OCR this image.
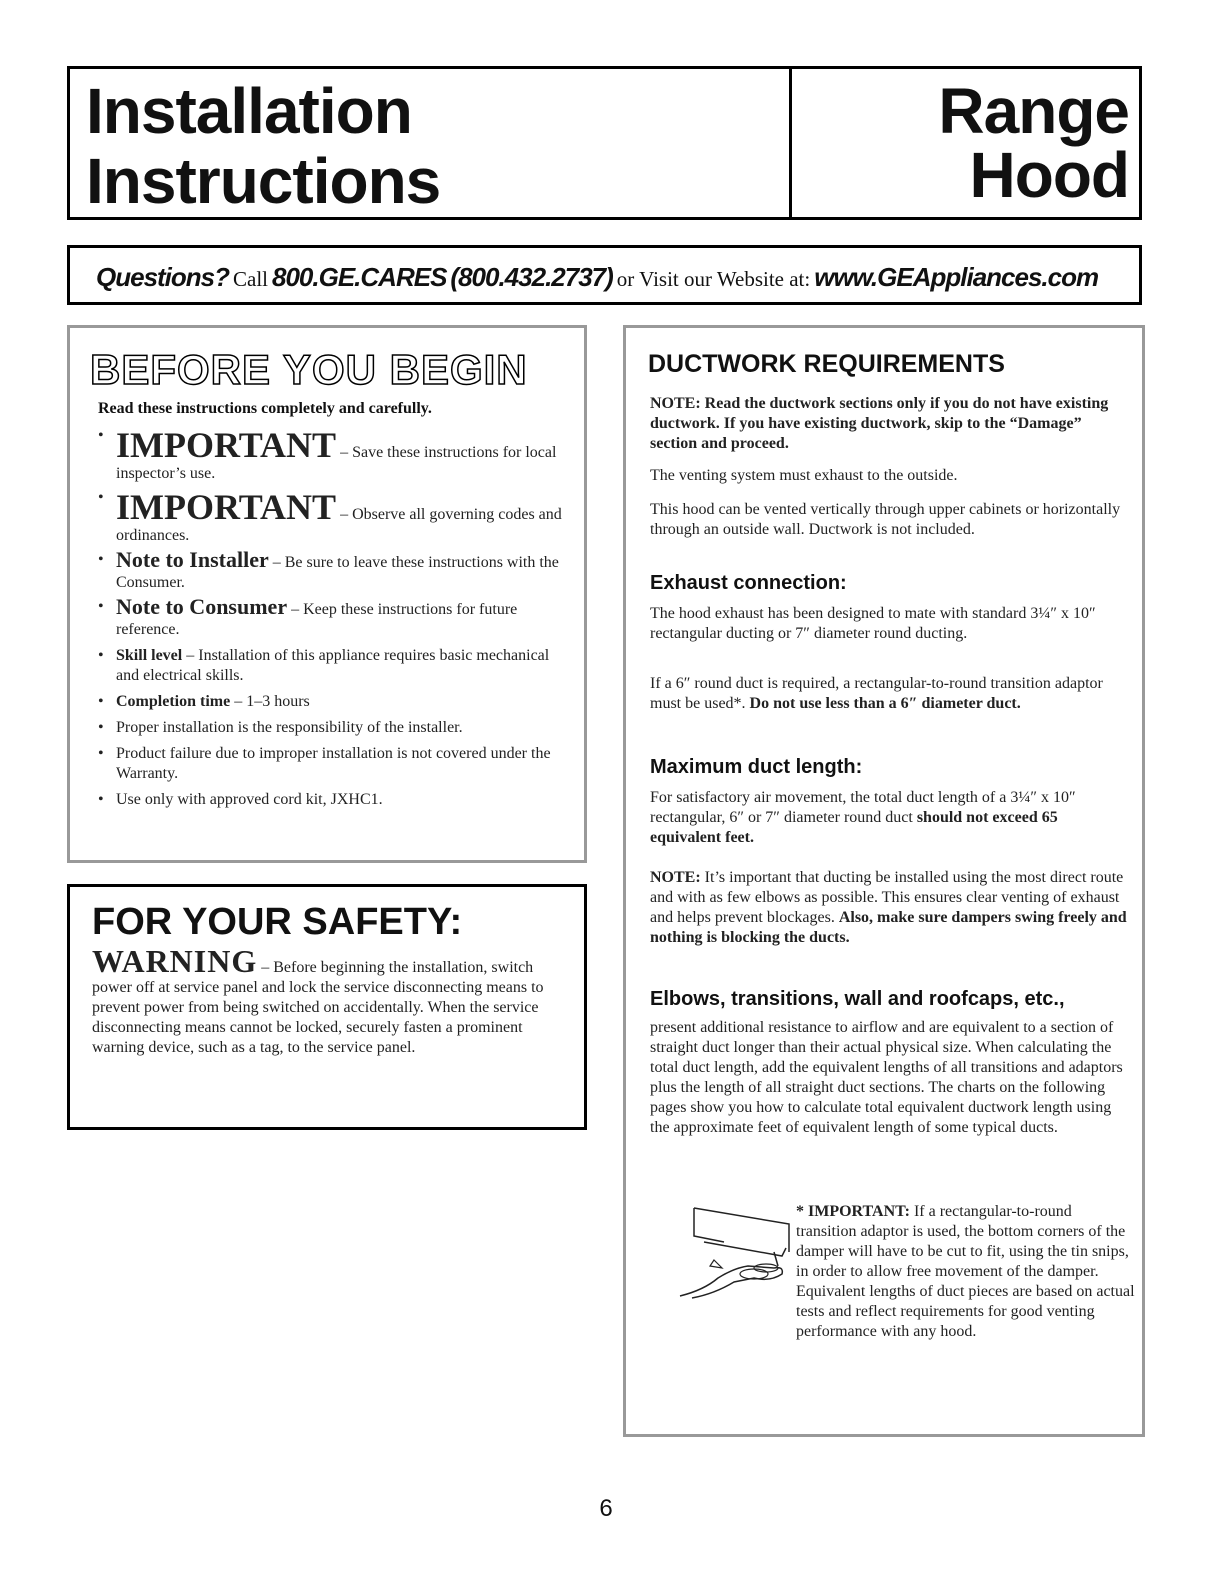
Installation
Instructions
Range Hood
Questions? Call 800.GE.CARES (800.432.2737) or Visit our Website at: www.GEAppliances.com
BEFORE YOU BEGIN
Read these instructions completely and carefully.
• IMPORTANT – Save these instructions for local inspector’s use.
• IMPORTANT – Observe all governing codes and ordinances.
• Note to Installer – Be sure to leave these instructions with the Consumer.
• Note to Consumer – Keep these instructions for future reference.
• Skill level – Installation of this appliance requires basic mechanical and electrical skills.
• Completion time – 1–3 hours
• Proper installation is the responsibility of the installer.
• Product failure due to improper installation is not covered under the Warranty.
• Use only with approved cord kit, JXHC1.
FOR YOUR SAFETY:
WARNING – Before beginning the installation, switch power off at service panel and lock the service disconnecting means to prevent power from being switched on accidentally. When the service disconnecting means cannot be locked, securely fasten a prominent warning device, such as a tag, to the service panel.
DUCTWORK REQUIREMENTS
NOTE: Read the ductwork sections only if you do not have existing ductwork. If you have existing ductwork, skip to the “Damage” section and proceed.
The venting system must exhaust to the outside.
This hood can be vented vertically through upper cabinets or horizontally through an outside wall. Ductwork is not included.
Exhaust connection:
The hood exhaust has been designed to mate with standard 3¼″ x 10″ rectangular ducting or 7″ diameter round ducting.
If a 6″ round duct is required, a rectangular-to-round transition adaptor must be used*. Do not use less than a 6″ diameter duct.
Maximum duct length:
For satisfactory air movement, the total duct length of a 3¼″ x 10″ rectangular, 6″ or 7″ diameter round duct should not exceed 65 equivalent feet.
NOTE: It’s important that ducting be installed using the most direct route and with as few elbows as possible. This ensures clear venting of exhaust and helps prevent blockages. Also, make sure dampers swing freely and nothing is blocking the ducts.
Elbows, transitions, wall and roofcaps, etc.,
present additional resistance to airflow and are equivalent to a section of straight duct longer than their actual physical size. When calculating the total duct length, add the equivalent lengths of all transitions and adaptors plus the length of all straight duct sections. The charts on the following pages show you how to calculate total equivalent ductwork length using the approximate feet of equivalent length of some typical ducts.
* IMPORTANT: If a rectangular-to-round transition adaptor is used, the bottom corners of the damper will have to be cut to fit, using the tin snips, in order to allow free movement of the damper. Equivalent lengths of duct pieces are based on actual tests and reflect requirements for good venting performance with any hood.
6
